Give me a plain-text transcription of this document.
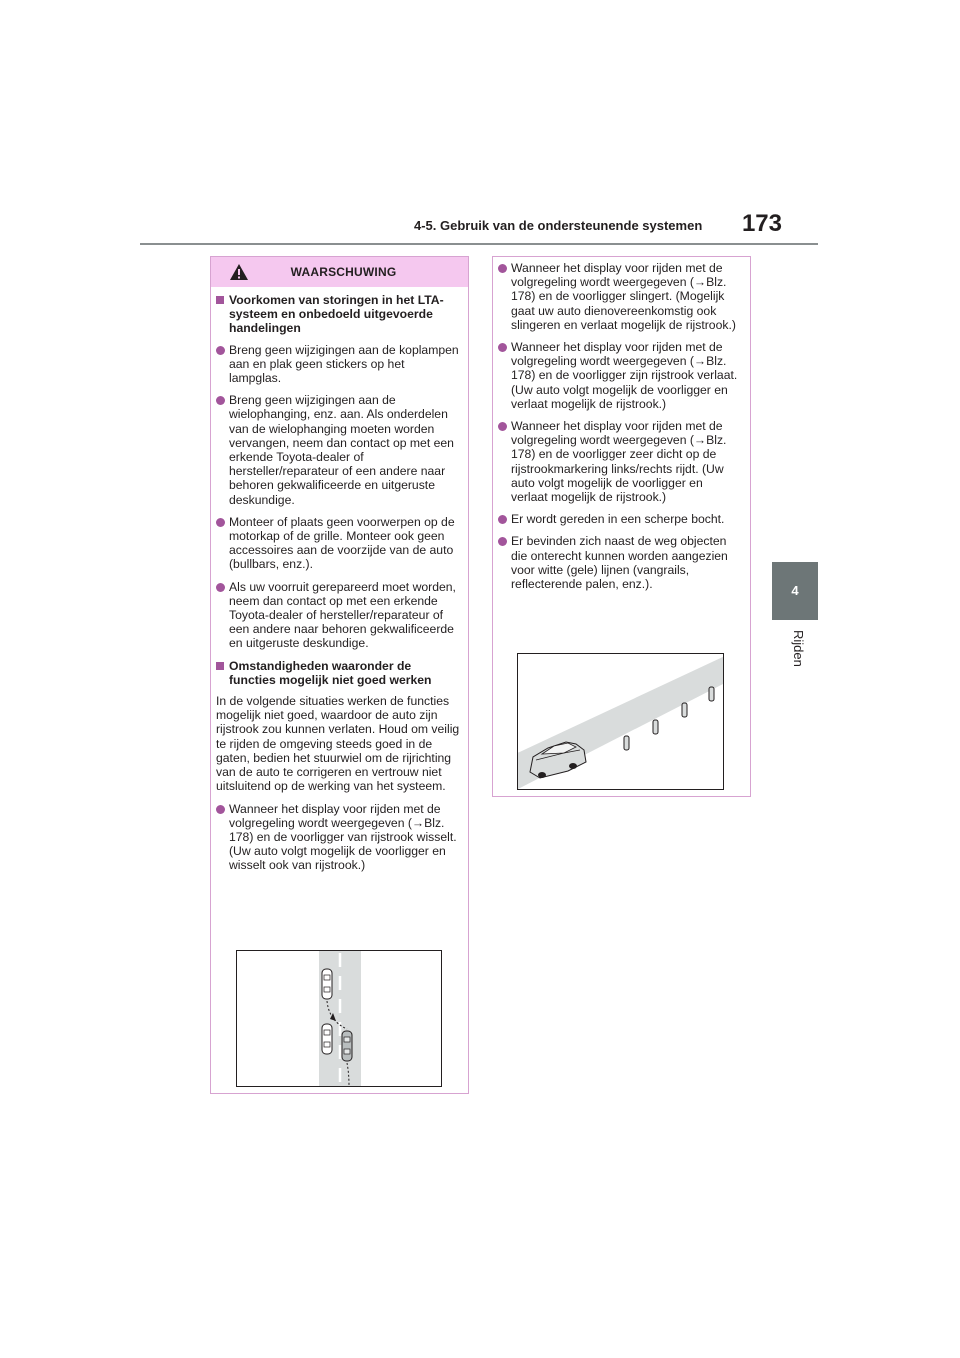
4-5. Gebruik van de ondersteunende systemen	173
4
Rijden
WAARSCHUWING
Voorkomen van storingen in het LTA-systeem en onbedoeld uitgevoerde handelingen
Breng geen wijzigingen aan de koplampen aan en plak geen stickers op het lampglas.
Breng geen wijzigingen aan de wielophanging, enz. aan. Als onderdelen van de wielophanging moeten worden vervangen, neem dan contact op met een erkende Toyota-dealer of hersteller/reparateur of een andere naar behoren gekwalificeerde en uitgeruste deskundige.
Monteer of plaats geen voorwerpen op de motorkap of de grille. Monteer ook geen accessoires aan de voorzijde van de auto (bullbars, enz.).
Als uw voorruit gerepareerd moet worden, neem dan contact op met een erkende Toyota-dealer of hersteller/reparateur of een andere naar behoren gekwalificeerde en uitgeruste deskundige.
Omstandigheden waaronder de functies mogelijk niet goed werken
In de volgende situaties werken de functies mogelijk niet goed, waardoor de auto zijn rijstrook zou kunnen verlaten. Houd om veilig te rijden de omgeving steeds goed in de gaten, bedien het stuurwiel om de rijrichting van de auto te corrigeren en vertrouw niet uitsluitend op de werking van het systeem.
Wanneer het display voor rijden met de volgregeling wordt weergegeven (→Blz. 178) en de voorligger van rijstrook wisselt. (Uw auto volgt mogelijk de voorligger en wisselt ook van rijstrook.)
Wanneer het display voor rijden met de volgregeling wordt weergegeven (→Blz. 178) en de voorligger slingert. (Mogelijk gaat uw auto dienovereenkomstig ook slingeren en verlaat mogelijk de rijstrook.)
Wanneer het display voor rijden met de volgregeling wordt weergegeven (→Blz. 178) en de voorligger zijn rijstrook verlaat. (Uw auto volgt mogelijk de voorligger en verlaat mogelijk de rijstrook.)
Wanneer het display voor rijden met de volgregeling wordt weergegeven (→Blz. 178) en de voorligger zeer dicht op de rijstrookmarkering links/rechts rijdt. (Uw auto volgt mogelijk de voorligger en verlaat mogelijk de rijstrook.)
Er wordt gereden in een scherpe bocht.
Er bevinden zich naast de weg objecten die onterecht kunnen worden aangezien voor witte (gele) lijnen (vangrails, reflecterende palen, enz.).
